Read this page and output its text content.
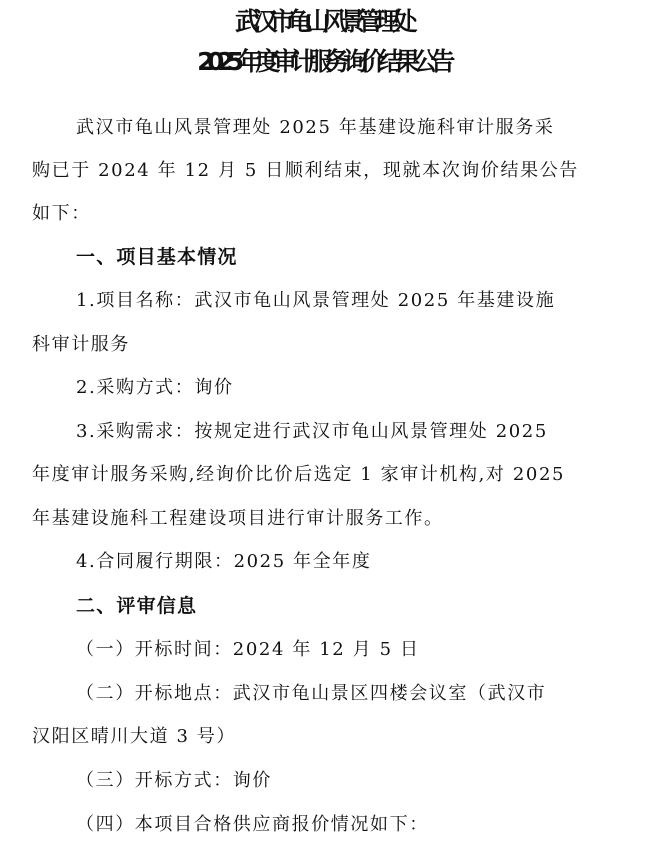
武汉市龟山风景管理处
2025 年度审计服务询价结果公告
武汉市龟山风景管理处 2025 年基建设施科审计服务采
购已于 2024 年 12 月 5 日顺利结束，现就本次询价结果公告
如下：
一、项目基本情况
1.项目名称：武汉市龟山风景管理处 2025 年基建设施
科审计服务
2.采购方式：询价
3.采购需求：按规定进行武汉市龟山风景管理处 2025
年度审计服务采购,经询价比价后选定 1 家审计机构,对 2025
年基建设施科工程建设项目进行审计服务工作。
4.合同履行期限：2025 年全年度
二、评审信息
（一）开标时间：2024 年 12 月 5 日
（二）开标地点：武汉市龟山景区四楼会议室（武汉市
汉阳区晴川大道 3 号）
（三）开标方式：询价
（四）本项目合格供应商报价情况如下：
